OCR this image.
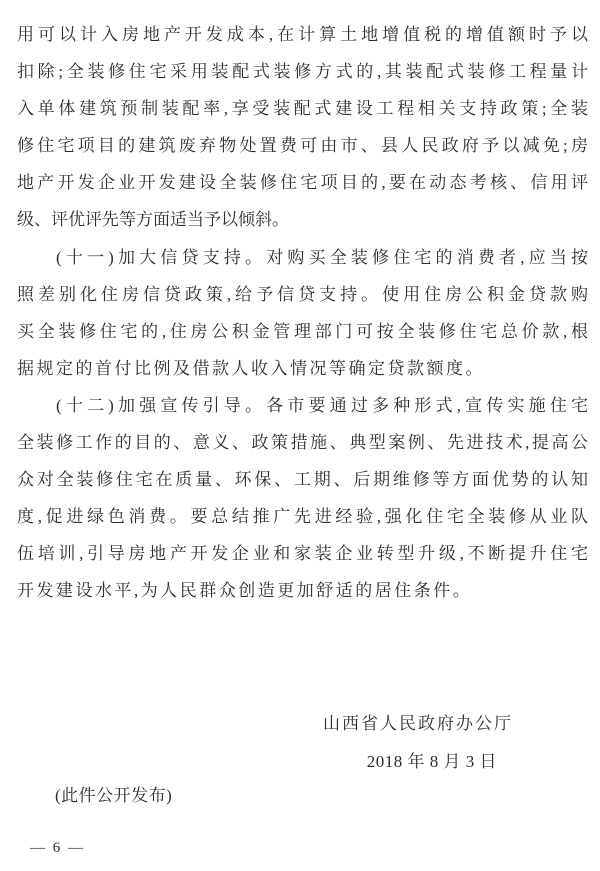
用可以计入房地产开发成本,在计算土地增值税的增值额时予以

扣除;全装修住宅采用装配式装修方式的,其装配式装修工程量计

入单体建筑预制装配率,享受装配式建设工程相关支持政策;全装

修住宅项目的建筑废弃物处置费可由市、县人民政府予以减免;房

地产开发企业开发建设全装修住宅项目的,要在动态考核、信用评

级、评优评先等方面适当予以倾斜。

(十一)加大信贷支持。对购买全装修住宅的消费者,应当按

照差别化住房信贷政策,给予信贷支持。使用住房公积金贷款购

买全装修住宅的,住房公积金管理部门可按全装修住宅总价款,根

据规定的首付比例及借款人收入情况等确定贷款额度。

(十二)加强宣传引导。各市要通过多种形式,宣传实施住宅

全装修工作的目的、意义、政策措施、典型案例、先进技术,提高公

众对全装修住宅在质量、环保、工期、后期维修等方面优势的认知

度,促进绿色消费。要总结推广先进经验,强化住宅全装修从业队

伍培训,引导房地产开发企业和家装企业转型升级,不断提升住宅

开发建设水平,为人民群众创造更加舒适的居住条件。

山西省人民政府办公厅
2018 年 8 月 3 日
(此件公开发布)
— 6 —
